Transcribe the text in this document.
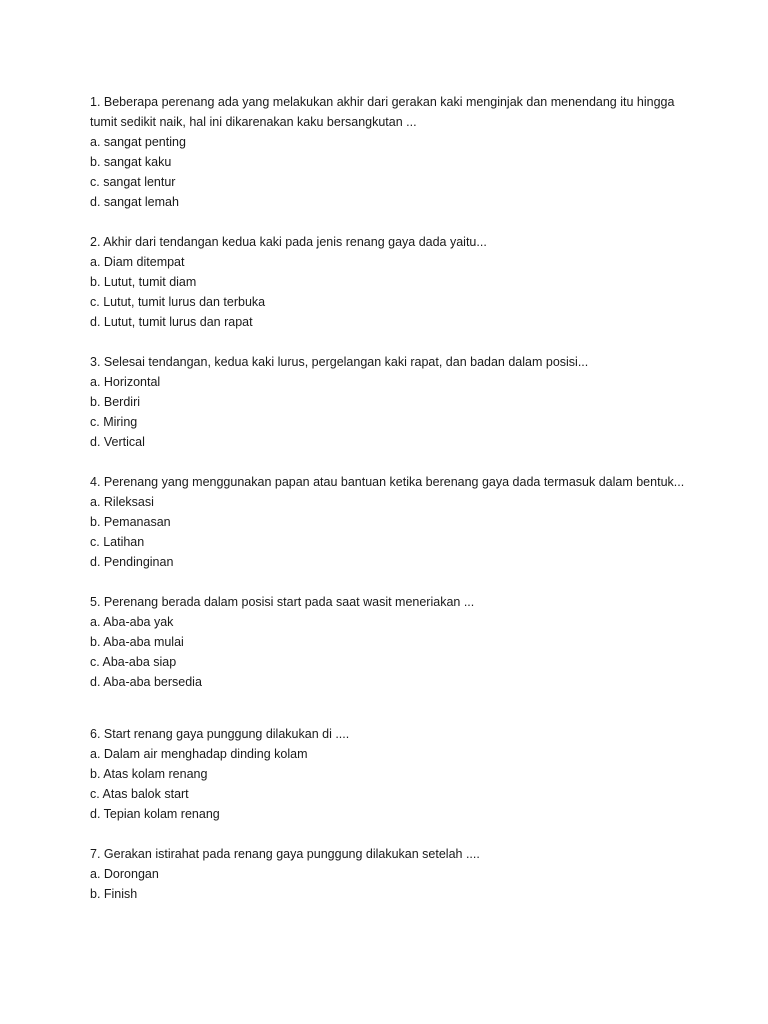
1. Beberapa perenang ada yang melakukan akhir dari gerakan kaki menginjak dan menendang itu hingga tumit sedikit naik, hal ini dikarenakan kaku bersangkutan ...

a. sangat penting

b. sangat kaku

c. sangat lentur

d. sangat lemah

2. Akhir dari tendangan kedua kaki pada jenis renang gaya dada yaitu...

a. Diam ditempat

b. Lutut, tumit diam

c. Lutut, tumit lurus dan terbuka

d. Lutut, tumit lurus dan rapat

3. Selesai tendangan, kedua kaki lurus, pergelangan kaki rapat, dan badan dalam posisi...

a. Horizontal

b. Berdiri

c. Miring

d. Vertical

4. Perenang yang menggunakan papan atau bantuan ketika berenang gaya dada termasuk dalam bentuk...

a. Rileksasi

b. Pemanasan

c. Latihan

d. Pendinginan

5. Perenang berada dalam posisi start pada saat wasit meneriakan ...

a. Aba-aba yak

b. Aba-aba mulai

c. Aba-aba siap

d. Aba-aba bersedia

6. Start renang gaya punggung dilakukan di ....

a. Dalam air menghadap dinding kolam

b. Atas kolam renang

c. Atas balok start

d. Tepian kolam renang

7. Gerakan istirahat pada renang gaya punggung dilakukan setelah ....

a. Dorongan

b. Finish
